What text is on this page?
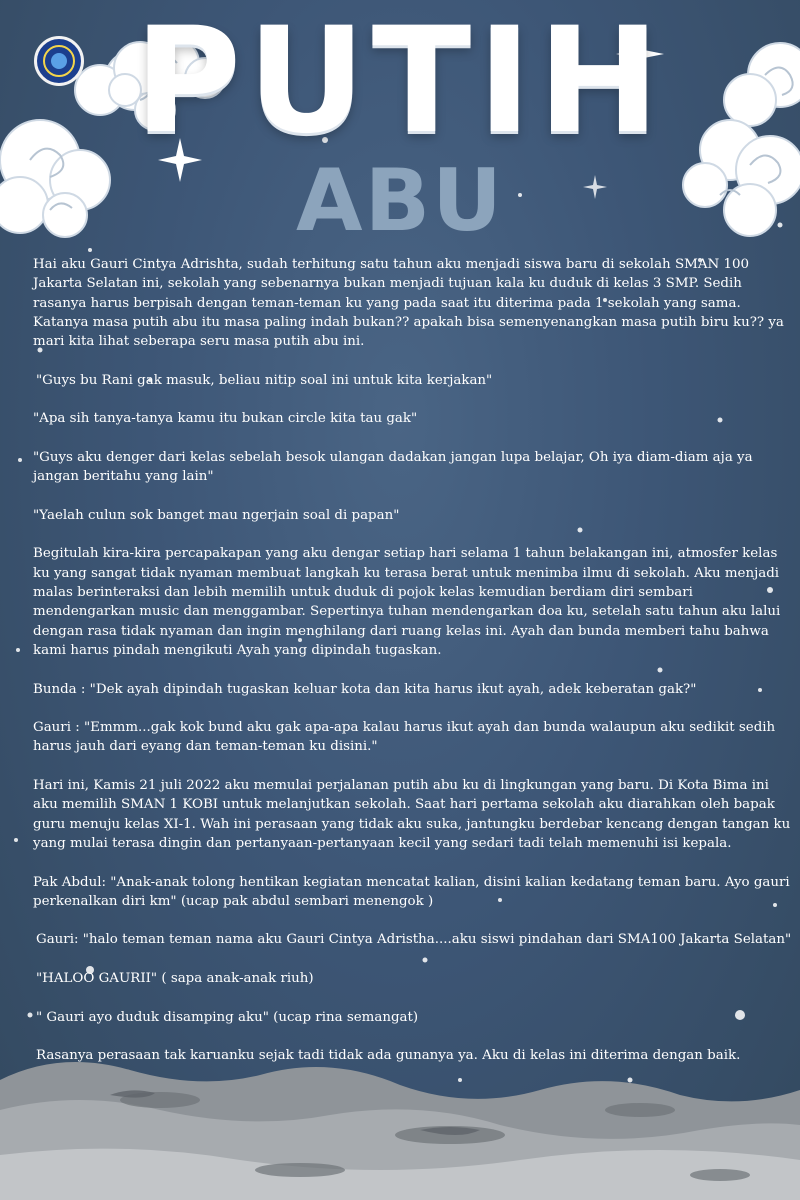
PUTIH
ABU

Hai aku Gauri Cintya Adrishta, sudah terhitung satu tahun aku menjadi siswa baru di sekolah SMAN 100 Jakarta Selatan ini, sekolah yang sebenarnya bukan menjadi tujuan kala ku duduk di kelas 3 SMP. Sedih rasanya harus berpisah dengan teman-teman ku yang pada saat itu diterima pada 1 sekolah yang sama. Katanya masa putih abu itu masa paling indah bukan?? apakah bisa semenyenangkan masa putih biru ku?? ya mari kita lihat seberapa seru masa putih abu ini.

"Guys bu Rani gak masuk, beliau nitip soal ini untuk kita kerjakan"

"Apa sih tanya-tanya kamu itu bukan circle kita tau gak"

"Guys aku denger dari kelas sebelah besok ulangan dadakan jangan lupa belajar, Oh iya diam-diam aja ya jangan beritahu yang lain"

"Yaelah culun sok banget mau ngerjain soal di papan"

Begitulah kira-kira percapakapan yang aku dengar setiap hari selama 1 tahun belakangan ini, atmosfer kelas ku yang sangat tidak nyaman membuat langkah ku terasa berat untuk menimba ilmu di sekolah. Aku menjadi malas berinteraksi dan lebih memilih untuk duduk di pojok kelas kemudian berdiam diri sembari mendengarkan music dan menggambar. Sepertinya tuhan mendengarkan doa ku, setelah satu tahun aku lalui dengan rasa tidak nyaman dan ingin menghilang dari ruang kelas ini. Ayah dan bunda memberi tahu bahwa kami harus pindah mengikuti Ayah yang dipindah tugaskan.

Bunda : "Dek ayah dipindah tugaskan keluar kota dan kita harus ikut ayah, adek keberatan gak?"

Gauri : "Emmm...gak kok bund aku gak apa-apa kalau harus ikut ayah dan bunda walaupun aku sedikit sedih harus jauh dari eyang dan teman-teman ku disini."

Hari ini, Kamis 21 juli 2022 aku memulai perjalanan putih abu ku di lingkungan yang baru. Di Kota Bima ini aku memilih SMAN 1 KOBI untuk melanjutkan sekolah. Saat hari pertama sekolah aku diarahkan oleh bapak guru menuju kelas XI-1. Wah ini perasaan yang tidak aku suka, jantungku berdebar kencang dengan tangan ku yang mulai terasa dingin dan pertanyaan-pertanyaan kecil yang sedari tadi telah memenuhi isi kepala.

Pak Abdul: "Anak-anak tolong hentikan kegiatan mencatat kalian, disini kalian kedatang teman baru. Ayo gauri perkenalkan diri km" (ucap pak abdul sembari menengok )

Gauri: "halo teman teman nama aku Gauri Cintya Adristha....aku siswi pindahan dari SMA100 Jakarta Selatan"

"HALOO GAURII" ( sapa anak-anak riuh)

" Gauri ayo duduk disamping aku" (ucap rina semangat)

Rasanya perasaan tak karuanku sejak tadi tidak ada gunanya ya. Aku di kelas ini diterima dengan baik.
